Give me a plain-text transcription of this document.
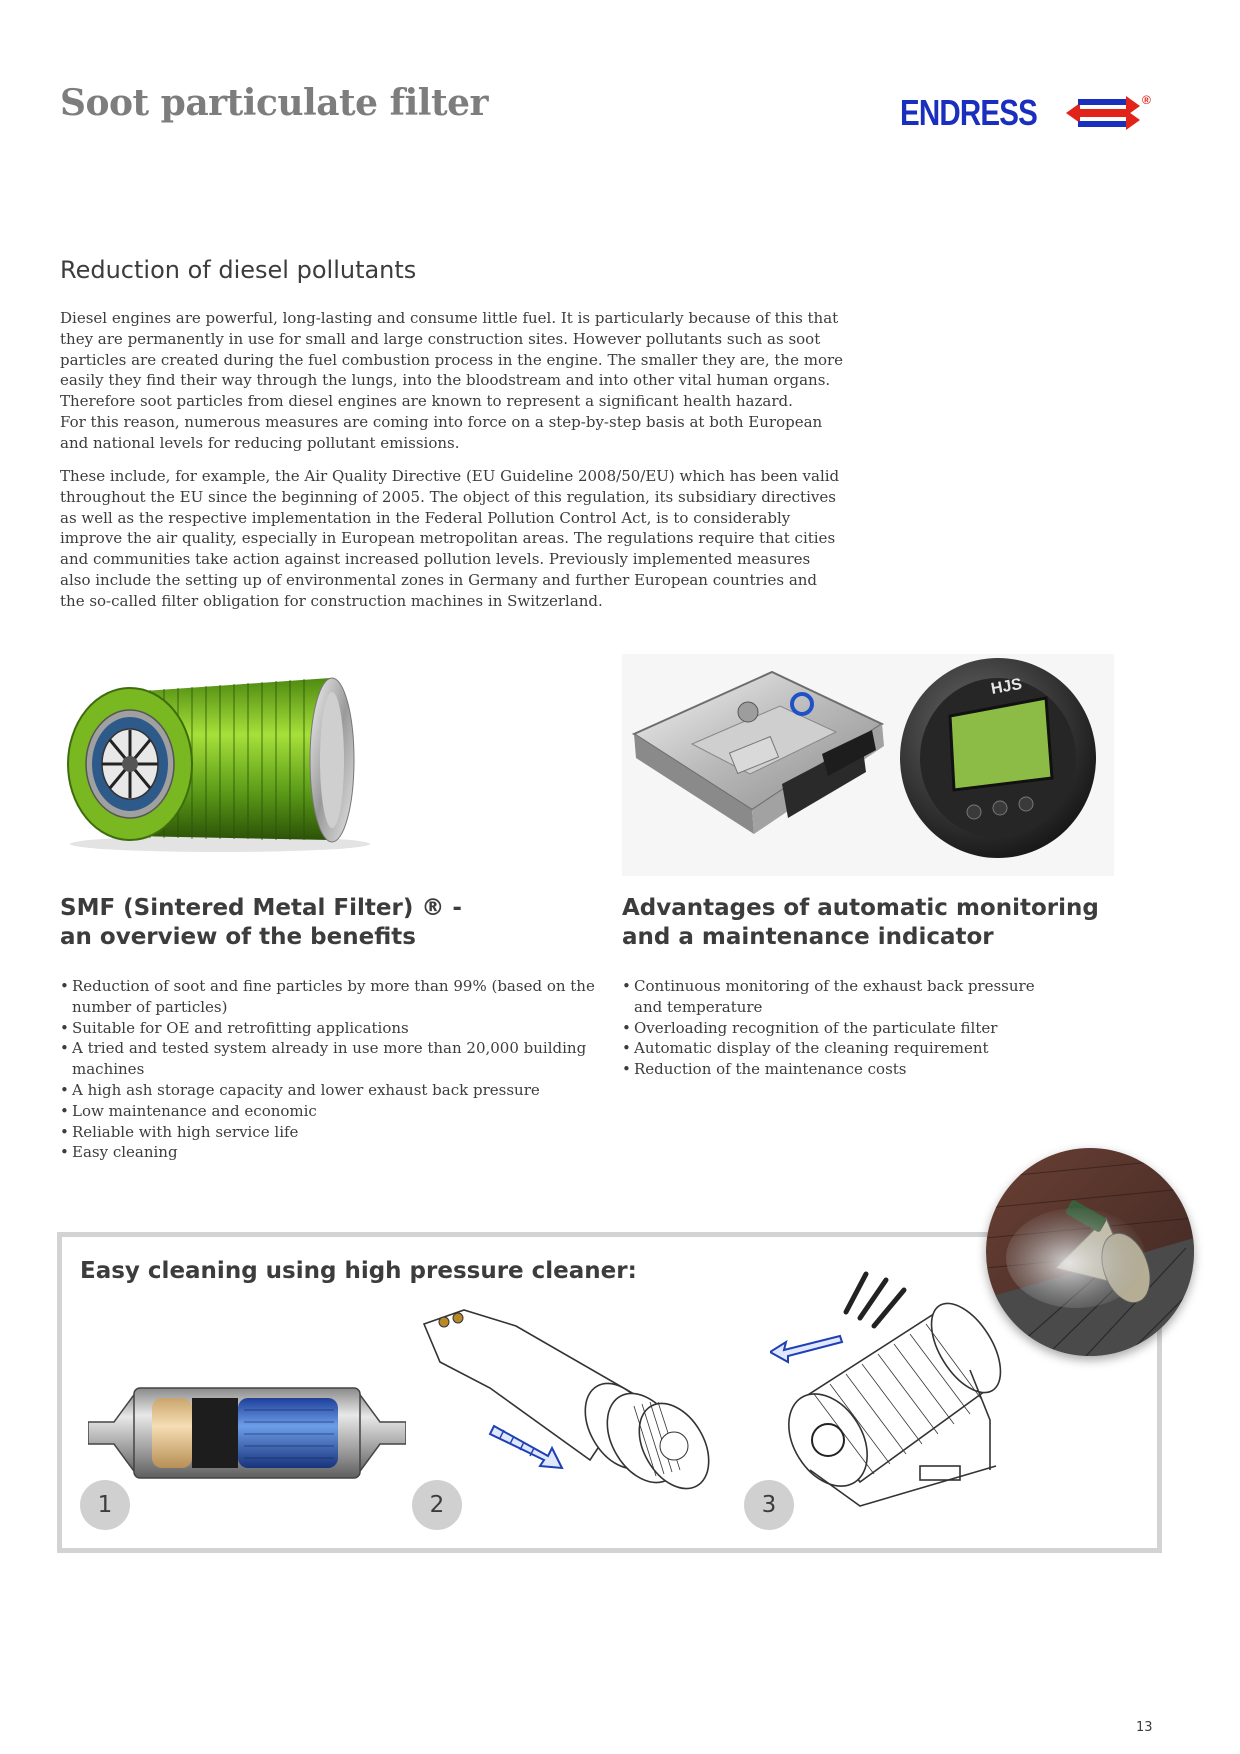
Soot particulate filter	ENDRESS	®
Reduction of diesel pollutants
Diesel engines are powerful, long-lasting and consume little fuel. It is particularly because of this that
they are permanently in use for small and large construction sites. However pollutants such as soot
particles are created during the fuel combustion process in the engine. The smaller they are, the more
easily they find their way through the lungs, into the bloodstream and into other vital human organs.
Therefore soot particles from diesel engines are known to represent a significant health hazard.
For this reason, numerous measures are coming into force on a step-by-step basis at both European
and national levels for reducing pollutant emissions.
These include, for example, the Air Quality Directive (EU Guideline 2008/50/EU) which has been valid
throughout the EU since the beginning of 2005. The object of this regulation, its subsidiary directives
as well as the respective implementation in the Federal Pollution Control Act, is to considerably
improve the air quality, especially in European metropolitan areas. The regulations require that cities
and communities take action against increased pollution levels. Previously implemented measures
also include the setting up of environmental zones in Germany and further European countries and
the so-called filter obligation for construction machines in Switzerland.
HJS
SMF (Sintered Metal Filter) ® -
an overview of the benefits
Advantages of automatic monitoring
and a maintenance indicator
• Reduction of soot and fine particles by more than 99% (based on the number of particles)
• Suitable for OE and retrofitting applications
• A tried and tested system already in use more than 20,000 building machines
• A high ash storage capacity and lower exhaust back pressure
• Low maintenance and economic
• Reliable with high service life
• Easy cleaning
• Continuous monitoring of the exhaust back pressure and temperature
• Overloading recognition of the particulate filter
• Automatic display of the cleaning requirement
• Reduction of the maintenance costs
Easy cleaning using high pressure cleaner:
1	2	3
13
